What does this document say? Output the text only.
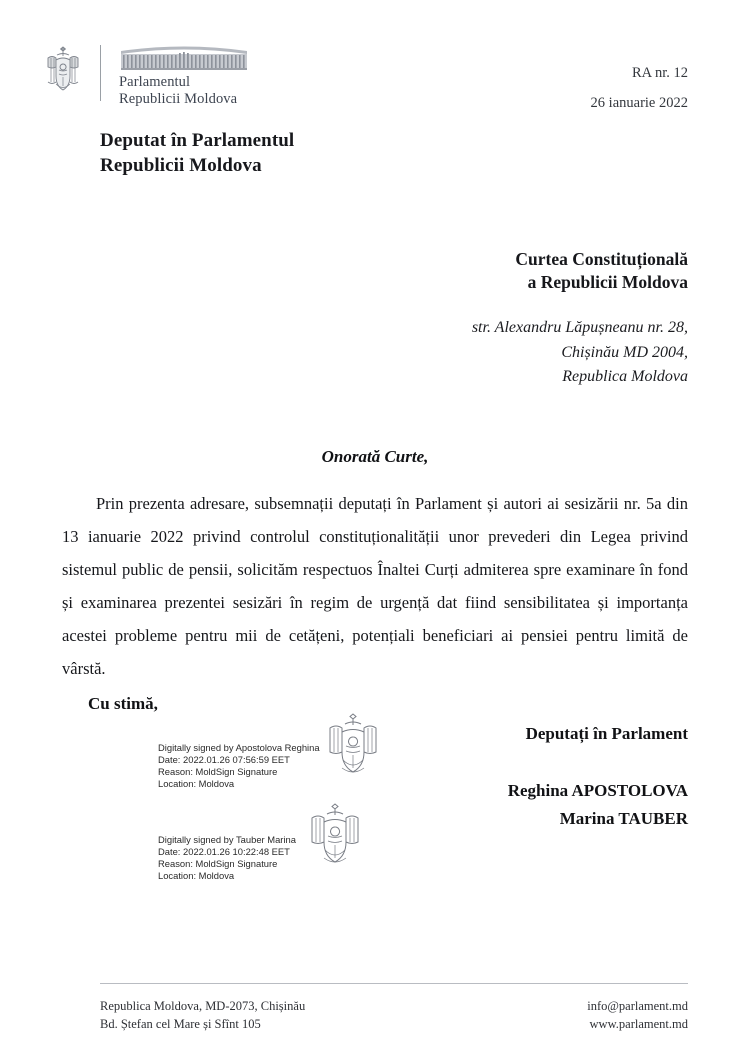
Parlamentul
Republicii Moldova
RA nr. 12
26 ianuarie 2022
Deputat în Parlamentul
Republicii Moldova
Curtea Constituțională
a Republicii Moldova
str. Alexandru Lăpușneanu nr. 28,
Chișinău MD 2004,
Republica Moldova
Onorată Curte,
Prin prezenta adresare, subsemnații deputați în Parlament și autori ai sesizării nr. 5a din 13 ianuarie 2022 privind controlul constituționalității unor prevederi din Legea privind sistemul public de pensii, solicităm respectuos Înaltei Curți admiterea spre examinare în fond și examinarea prezentei sesizări în regim de urgență dat fiind sensibilitatea și importanța acestei probleme pentru mii de cetățeni, potențiali beneficiari ai pensiei pentru limită de vârstă.
Cu stimă,
Deputați în Parlament
Reghina APOSTOLOVA
Marina TAUBER
Digitally signed by Apostolova Reghina
Date: 2022.01.26 07:56:59 EET
Reason: MoldSign Signature
Location: Moldova
Digitally signed by Tauber Marina
Date: 2022.01.26 10:22:48 EET
Reason: MoldSign Signature
Location: Moldova
Republica Moldova, MD-2073, Chișinău
Bd. Ștefan cel Mare și Sfînt 105
info@parlament.md
www.parlament.md
